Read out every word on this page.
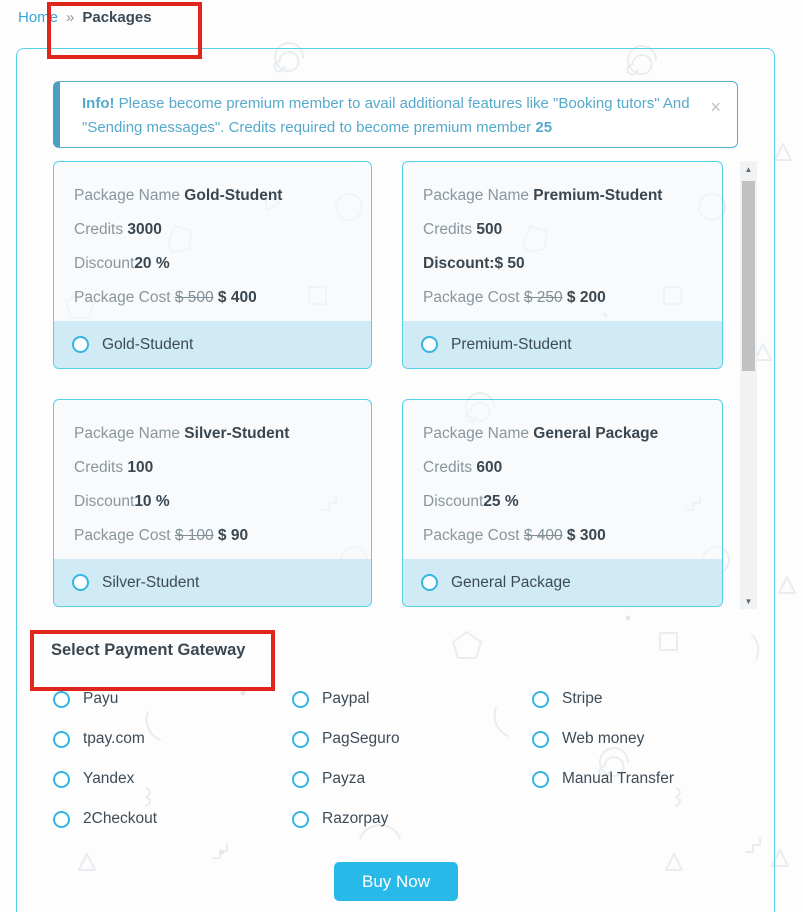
Home » Packages
Info! Please become premium member to avail additional features like "Booking tutors" And "Sending messages". Credits required to become premium member 25
×
Package Name Gold-Student
Credits 3000
Discount20 %
Package Cost $ 500 $ 400
Gold-Student
Package Name Premium-Student
Credits 500
Discount:$ 50
Package Cost $ 250 $ 200
Premium-Student
Package Name Silver-Student
Credits 100
Discount10 %
Package Cost $ 100 $ 90
Silver-Student
Package Name General Package
Credits 600
Discount25 %
Package Cost $ 400 $ 300
General Package
▲
▼
Select Payment Gateway
Payu
tpay.com
Yandex
2Checkout
Paypal
PagSeguro
Payza
Razorpay
Stripe
Web money
Manual Transfer
Buy Now
